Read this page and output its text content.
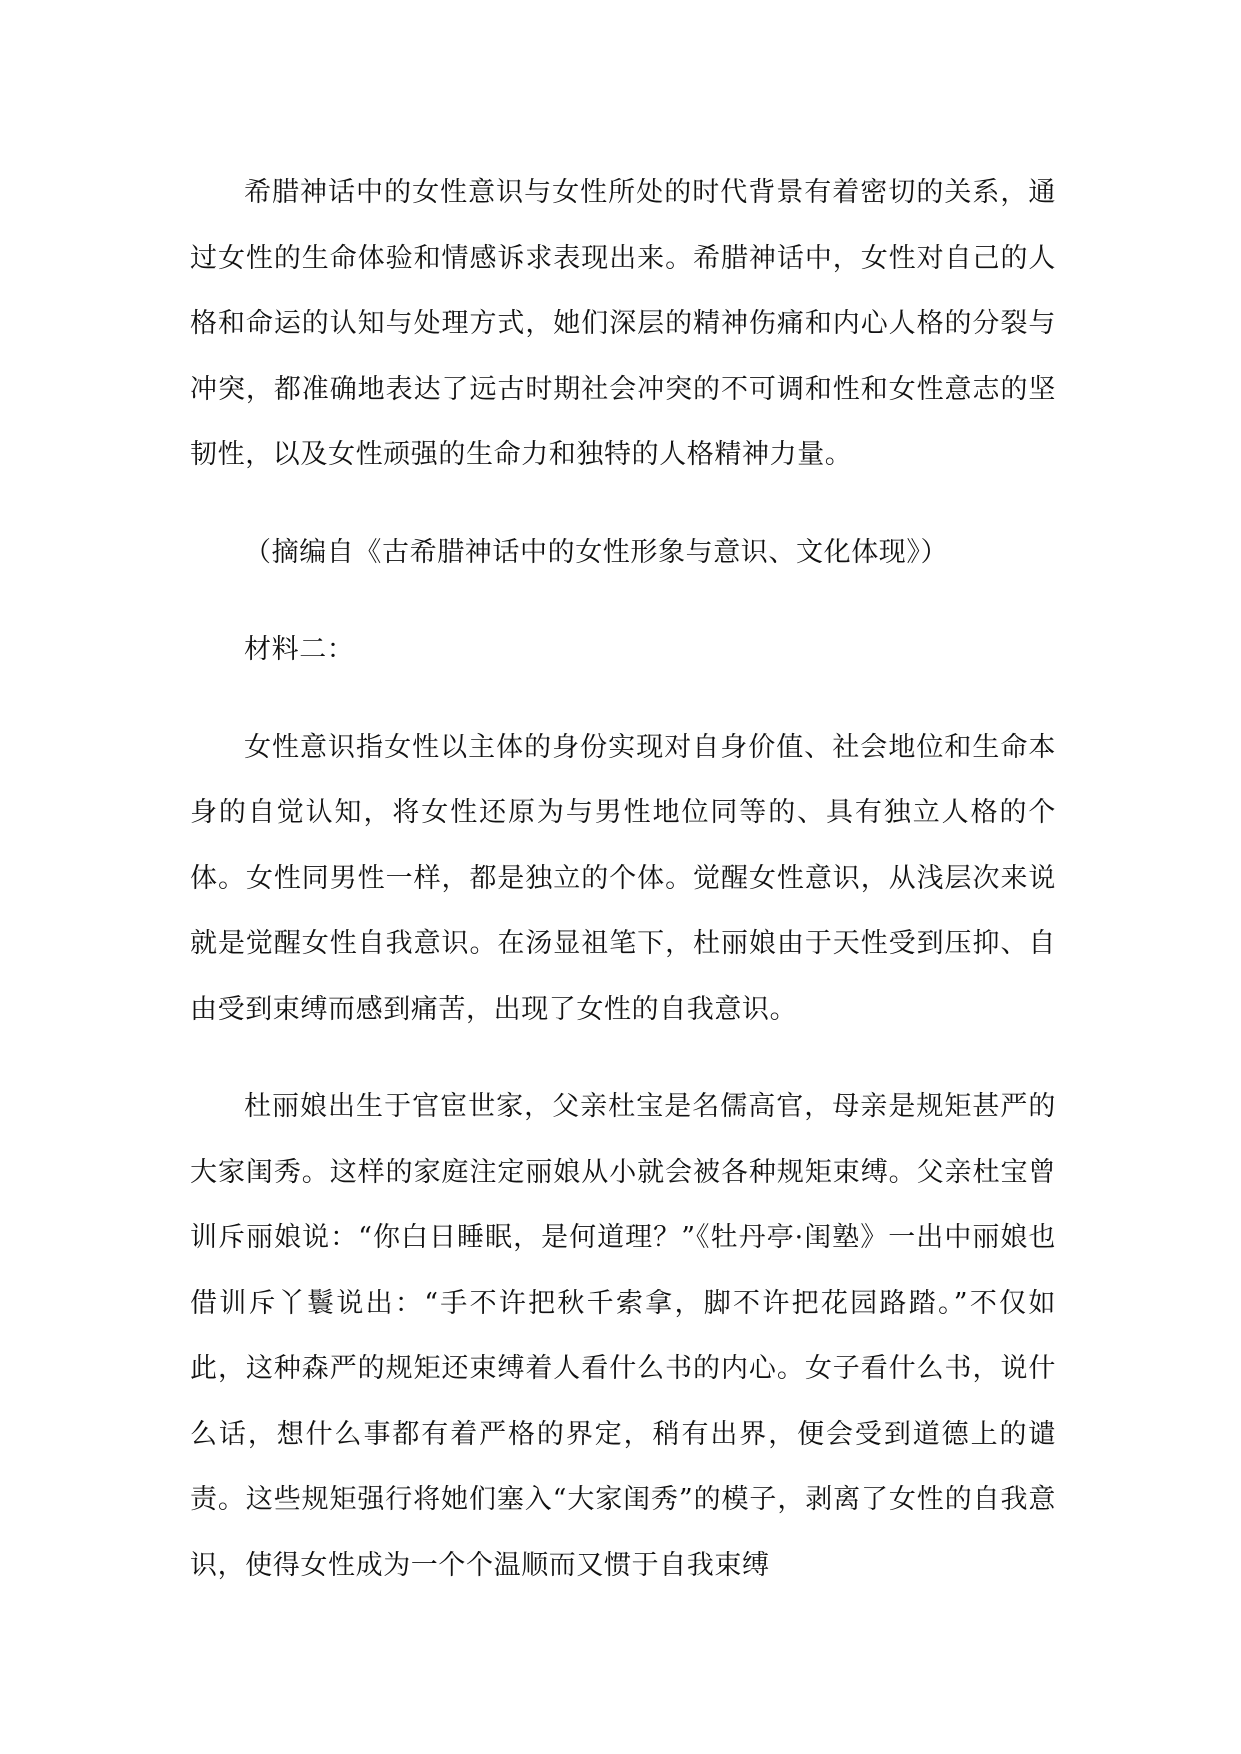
希腊神话中的女性意识与女性所处的时代背景有着密切的关系，通过女性的生命体验和情感诉求表现出来。希腊神话中，女性对自己的人格和命运的认知与处理方式，她们深层的精神伤痛和内心人格的分裂与冲突，都准确地表达了远古时期社会冲突的不可调和性和女性意志的坚韧性，以及女性顽强的生命力和独特的人格精神力量。

（摘编自《古希腊神话中的女性形象与意识、文化体现》）

材料二：

女性意识指女性以主体的身份实现对自身价值、社会地位和生命本身的自觉认知，将女性还原为与男性地位同等的、具有独立人格的个体。女性同男性一样，都是独立的个体。觉醒女性意识，从浅层次来说就是觉醒女性自我意识。在汤显祖笔下，杜丽娘由于天性受到压抑、自由受到束缚而感到痛苦，出现了女性的自我意识。

杜丽娘出生于官宦世家，父亲杜宝是名儒高官，母亲是规矩甚严的大家闺秀。这样的家庭注定丽娘从小就会被各种规矩束缚。父亲杜宝曾训斥丽娘说：“你白日睡眠，是何道理？”《牡丹亭·闺塾》一出中丽娘也借训斥丫鬟说出：“手不许把秋千索拿，脚不许把花园路踏。”不仅如此，这种森严的规矩还束缚着人看什么书的内心。女子看什么书，说什么话，想什么事都有着严格的界定，稍有出界，便会受到道德上的谴责。这些规矩强行将她们塞入“大家闺秀”的模子，剥离了女性的自我意识，使得女性成为一个个温顺而又惯于自我束缚
